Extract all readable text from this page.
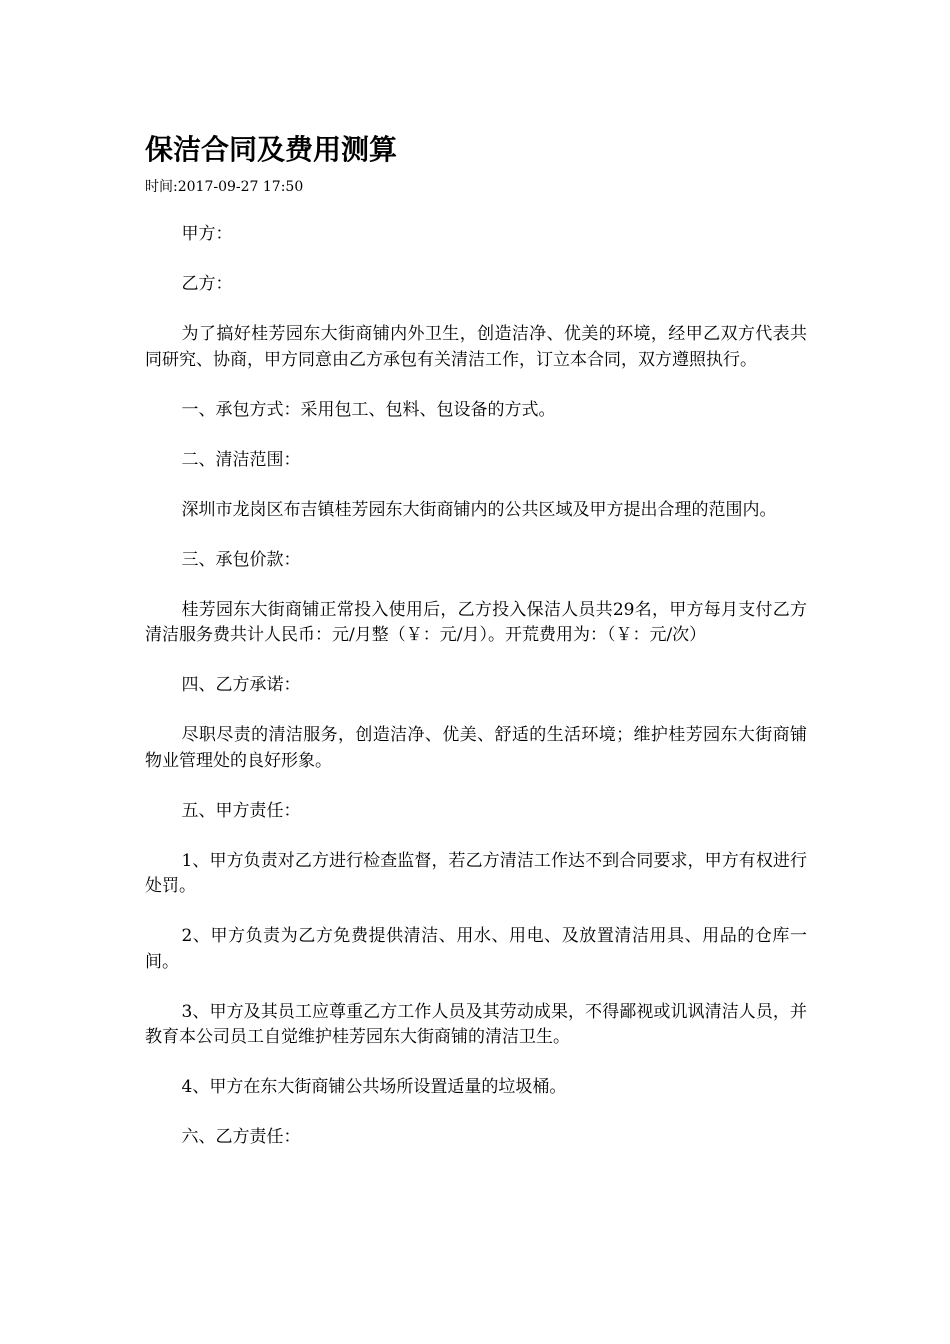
保洁合同及费用测算

时间:2017-09-27 17:50

甲方：

乙方：

为了搞好桂芳园东大街商铺内外卫生，创造洁净、优美的环境，经甲乙双方代表共同研究、协商，甲方同意由乙方承包有关清洁工作，订立本合同，双方遵照执行。

一、承包方式：采用包工、包料、包设备的方式。

二、清洁范围：

深圳市龙岗区布吉镇桂芳园东大街商铺内的公共区域及甲方提出合理的范围内。

三、承包价款：

桂芳园东大街商铺正常投入使用后，乙方投入保洁人员共29名，甲方每月支付乙方清洁服务费共计人民币：元/月整（￥：元/月）。开荒费用为：（￥：元/次）

四、乙方承诺：

尽职尽责的清洁服务，创造洁净、优美、舒适的生活环境；维护桂芳园东大街商铺物业管理处的良好形象。

五、甲方责任：

1、甲方负责对乙方进行检查监督，若乙方清洁工作达不到合同要求，甲方有权进行处罚。

2、甲方负责为乙方免费提供清洁、用水、用电、及放置清洁用具、用品的仓库一间。

3、甲方及其员工应尊重乙方工作人员及其劳动成果，不得鄙视或讥讽清洁人员，并教育本公司员工自觉维护桂芳园东大街商铺的清洁卫生。

4、甲方在东大街商铺公共场所设置适量的垃圾桶。

六、乙方责任：
